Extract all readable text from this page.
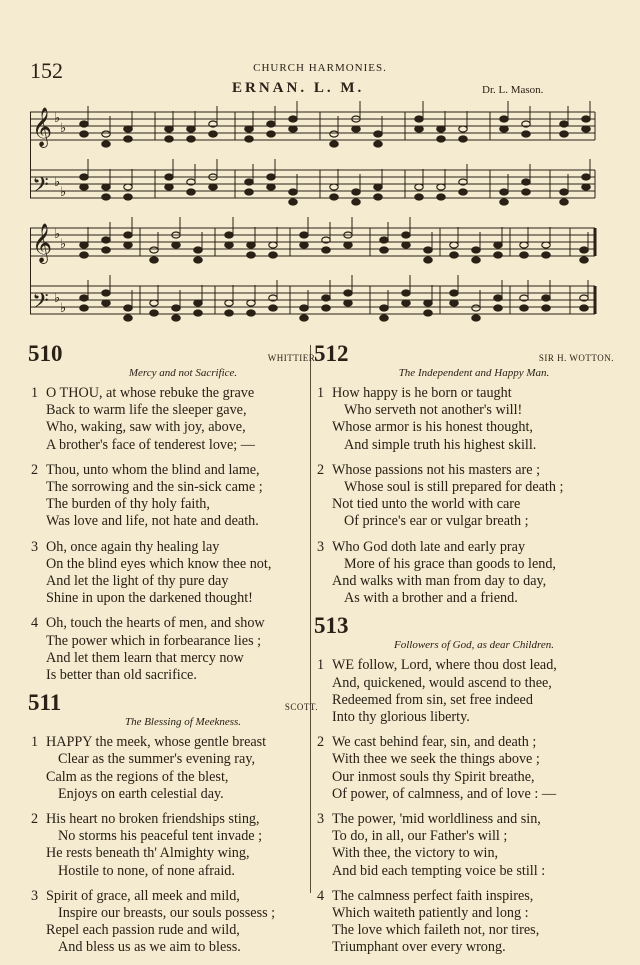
152	CHURCH HARMONIES.
ERNAN. L. M.	Dr. L. Mason.
𝄞 ♭
♭
𝄢 ♭
♭
𝄞 ♭
♭
𝄢 ♭
♭
510	WHITTIER.
Mercy and not Sacrifice.
1 O THOU, at whose rebuke the grave
Back to warm life the sleeper gave,
Who, waking, saw with joy, above,
A brother's face of tenderest love; —
2 Thou, unto whom the blind and lame,
The sorrowing and the sin-sick came ;
The burden of thy holy faith,
Was love and life, not hate and death.
3 Oh, once again thy healing lay
On the blind eyes which know thee not,
And let the light of thy pure day
Shine in upon the darkened thought!
4 Oh, touch the hearts of men, and show
The power which in forbearance lies ;
And let them learn that mercy now
Is better than old sacrifice.
511	SCOTT.
The Blessing of Meekness.
1 HAPPY the meek, whose gentle breast
Clear as the summer's evening ray,
Calm as the regions of the blest,
Enjoys on earth celestial day.
2 His heart no broken friendships sting,
No storms his peaceful tent invade ;
He rests beneath th' Almighty wing,
Hostile to none, of none afraid.
3 Spirit of grace, all meek and mild,
Inspire our breasts, our souls possess ;
Repel each passion rude and wild,
And bless us as we aim to bless.
512	SIR H. WOTTON.
The Independent and Happy Man.
1 How happy is he born or taught
Who serveth not another's will!
Whose armor is his honest thought,
And simple truth his highest skill.
2 Whose passions not his masters are ;
Whose soul is still prepared for death ;
Not tied unto the world with care
Of prince's ear or vulgar breath ;
3 Who God doth late and early pray
More of his grace than goods to lend,
And walks with man from day to day,
As with a brother and a friend.
513
Followers of God, as dear Children.
1 WE follow, Lord, where thou dost lead,
And, quickened, would ascend to thee,
Redeemed from sin, set free indeed
Into thy glorious liberty.
2 We cast behind fear, sin, and death ;
With thee we seek the things above ;
Our inmost souls thy Spirit breathe,
Of power, of calmness, and of love : —
3 The power, 'mid worldliness and sin,
To do, in all, our Father's will ;
With thee, the victory to win,
And bid each tempting voice be still :
4 The calmness perfect faith inspires,
Which waiteth patiently and long :
The love which faileth not, nor tires,
Triumphant over every wrong.
